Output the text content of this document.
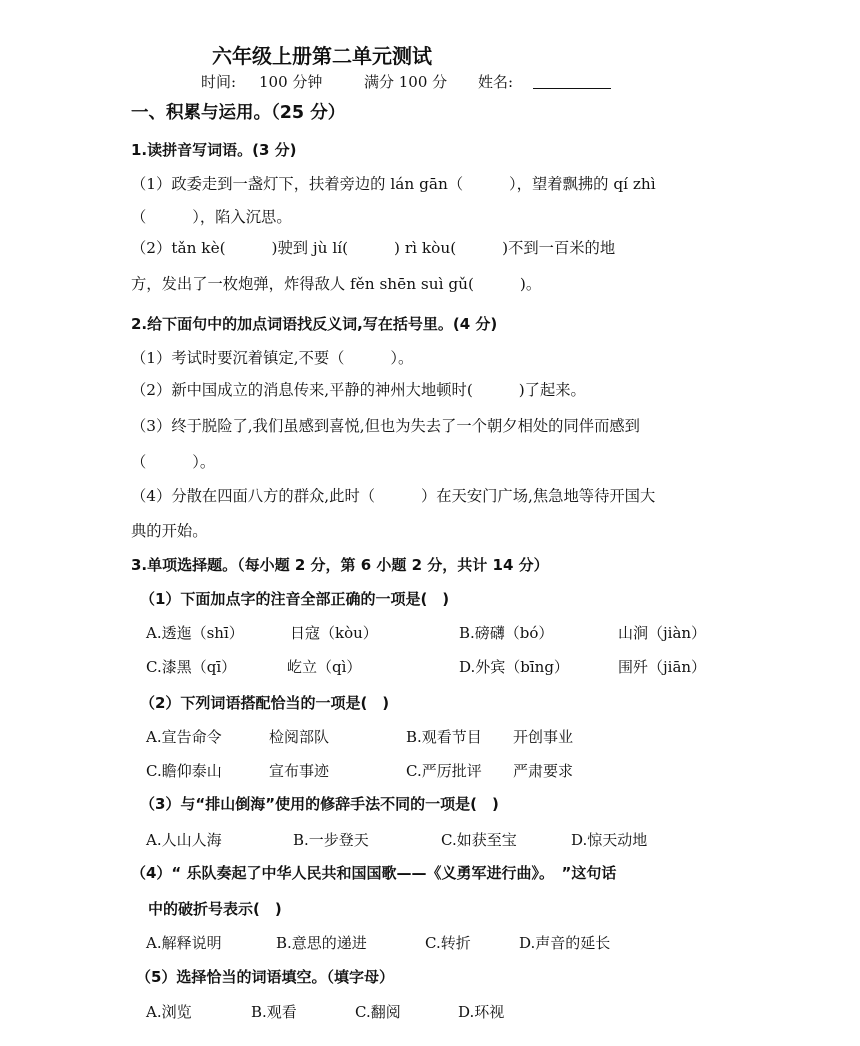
六年级上册第二单元测试
时间: 100 分钟	满分 100 分 姓名:
一、积累与运用。（25 分）
1.读拼音写词语。(3 分)
（1）政委走到一盏灯下，扶着旁边的 lán gān（　　　），望着飘拂的 qí zhì
（　　　），陷入沉思。
（2）tǎn kè(　　　)驶到 jù lí(　　　) rì kòu(　　　)不到一百米的地
方，发出了一枚炮弹，炸得敌人 fěn shēn suì gǔ(　　　)。
2.给下面句中的加点词语找反义词,写在括号里。(4 分)
（1）考试时要沉着镇定,不要（　　　）。
（2）新中国成立的消息传来,平静的神州大地顿时(　　　)了起来。
（3）终于脱险了,我们虽感到喜悦,但也为失去了一个朝夕相处的同伴而感到
（　　　）。
（4）分散在四面八方的群众,此时（　　　）在天安门广场,焦急地等待开国大
典的开始。
3.单项选择题。（每小题 2 分，第 6 小题 2 分，共计 14 分）
（1）下面加点字的注音全部正确的一项是(　)
A.透迤（shī）	日寇（kòu）	B.磅礴（bó）	山涧（jiàn）
C.漆黑（qī）	屹立（qì）	D.外宾（bīng）	围歼（jiān）
（2）下列词语搭配恰当的一项是(　)
A.宣告命令	检阅部队	B.观看节目 开创事业
C.瞻仰泰山	宣布事迹	C.严厉批评 严肃要求
（3）与“排山倒海”使用的修辞手法不同的一项是(　)
A.人山人海	B.一步登天	C.如获至宝	D.惊天动地
（4）“ 乐队奏起了中华人民共和国国歌——《义勇军进行曲》。　”这句话
中的破折号表示(　)
A.解释说明	B.意思的递进	C.转折	D.声音的延长
（5）选择恰当的词语填空。（填字母）
A.浏览	B.观看	C.翻阅	D.环视
